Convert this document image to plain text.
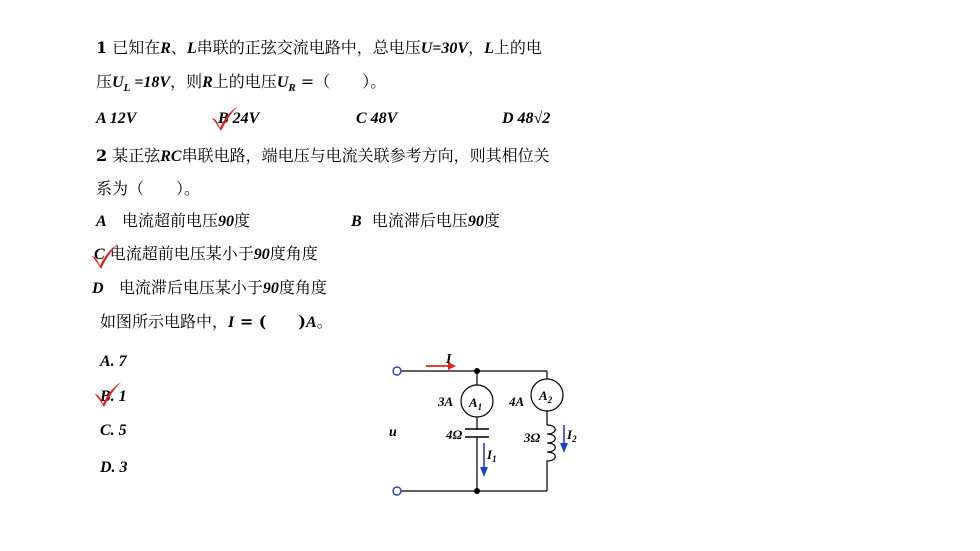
1 已知在R、L串联的正弦交流电路中，总电压U=30V，L上的电
压$U_L =18V$，则R上的电压$U_R$ =（　　）。
A 12V	B 24V	C 48V	D 48√2
2 某正弦RC串联电路，端电压与电流关联参考方向，则其相位关
系为（　　）。
A 电流超前电压90度	B 电流滞后电压90度
C 电流超前电压某小于90度角度
D 电流滞后电压某小于90度角度
如图所示电路中，I = (　　)A。
A. 7
B. 1
C. 5
D. 3
I
3A $A_1$ 4A $A_2$
u	4Ω	3Ω
$I_1$
$I_2$
